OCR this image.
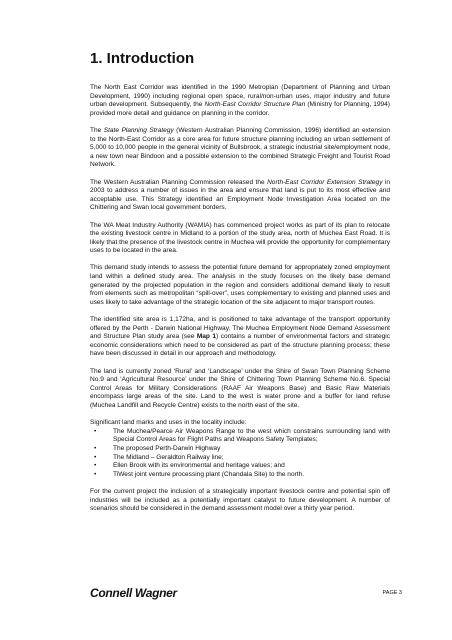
1. Introduction

The North East Corridor was identified in the 1990 Metroplan (Department of Planning and Urban Development, 1990) including regional open space, rural/non-urban uses, major industry and future urban development. Subsequently, the North-East Corridor Structure Plan (Ministry for Planning, 1994) provided more detail and guidance on planning in the corridor.

The State Planning Strategy (Western Australian Planning Commission, 1996) identified an extension to the North-East Corridor as a core area for future structure planning including an urban settlement of 5,000 to 10,000 people in the general vicinity of Bullsbrook, a strategic industrial site/employment node, a new town near Bindoon and a possible extension to the combined Strategic Freight and Tourist Road Network.

The Western Australian Planning Commission released the North-East Corridor Extension Strategy in 2003 to address a number of issues in the area and ensure that land is put to its most effective and acceptable use. This Strategy identified an Employment Node Investigation Area located on the Chittering and Swan local government borders.

The WA Meat Industry Authority (WAMIA) has commenced project works as part of its plan to relocate the existing livestock centre in Midland to a portion of the study area, north of Muchea East Road. It is likely that the presence of the livestock centre in Muchea will provide the opportunity for complementary uses to be located in the area.

This demand study intends to assess the potential future demand for appropriately zoned employment land within a defined study area. The analysis in the study focuses on the likely base demand generated by the projected population in the region and considers additional demand likely to result from elements such as metropolitan “spill-over”, uses complementary to existing and planned uses and uses likely to take advantage of the strategic location of the site adjacent to major transport routes.

The identified site area is 1,172ha, and is positioned to take advantage of the transport opportunity offered by the Perth - Darwin National Highway. The Muchea Employment Node Demand Assessment and Structure Plan study area (see Map 1) contains a number of environmental factors and strategic economic considerations which need to be considered as part of the structure planning process; these have been discussed in detail in our approach and methodology.

The land is currently zoned ‘Rural’ and ‘Landscape’ under the Shire of Swan Town Planning Scheme No.9 and ‘Agricultural Resource’ under the Shire of Chittering Town Planning Scheme No.6. Special Control Areas for Military Considerations (RAAF Air Weapons Base) and Basic Raw Materials encompass large areas of the site. Land to the west is water prone and a buffer for land refuse (Muchea Landfill and Recycle Centre) exists to the north east of the site.

Significant land marks and uses in the locality include:

• The Muchea/Pearce Air Weapons Range to the west which constrains surrounding land with Special Control Areas for Flight Paths and Weapons Safety Templates;
• The proposed Perth-Darwin Highway
• The Midland – Geraldton Railway line;
• Ellen Brook with its environmental and heritage values; and
• TiWest joint venture processing plant (Chandala Site) to the north.

For the current project the inclusion of a strategically important livestock centre and potential spin off industries will be included as a potentially important catalyst to future development. A number of scenarios should be considered in the demand assessment model over a thirty year period.

Connell Wagner	PAGE 3
